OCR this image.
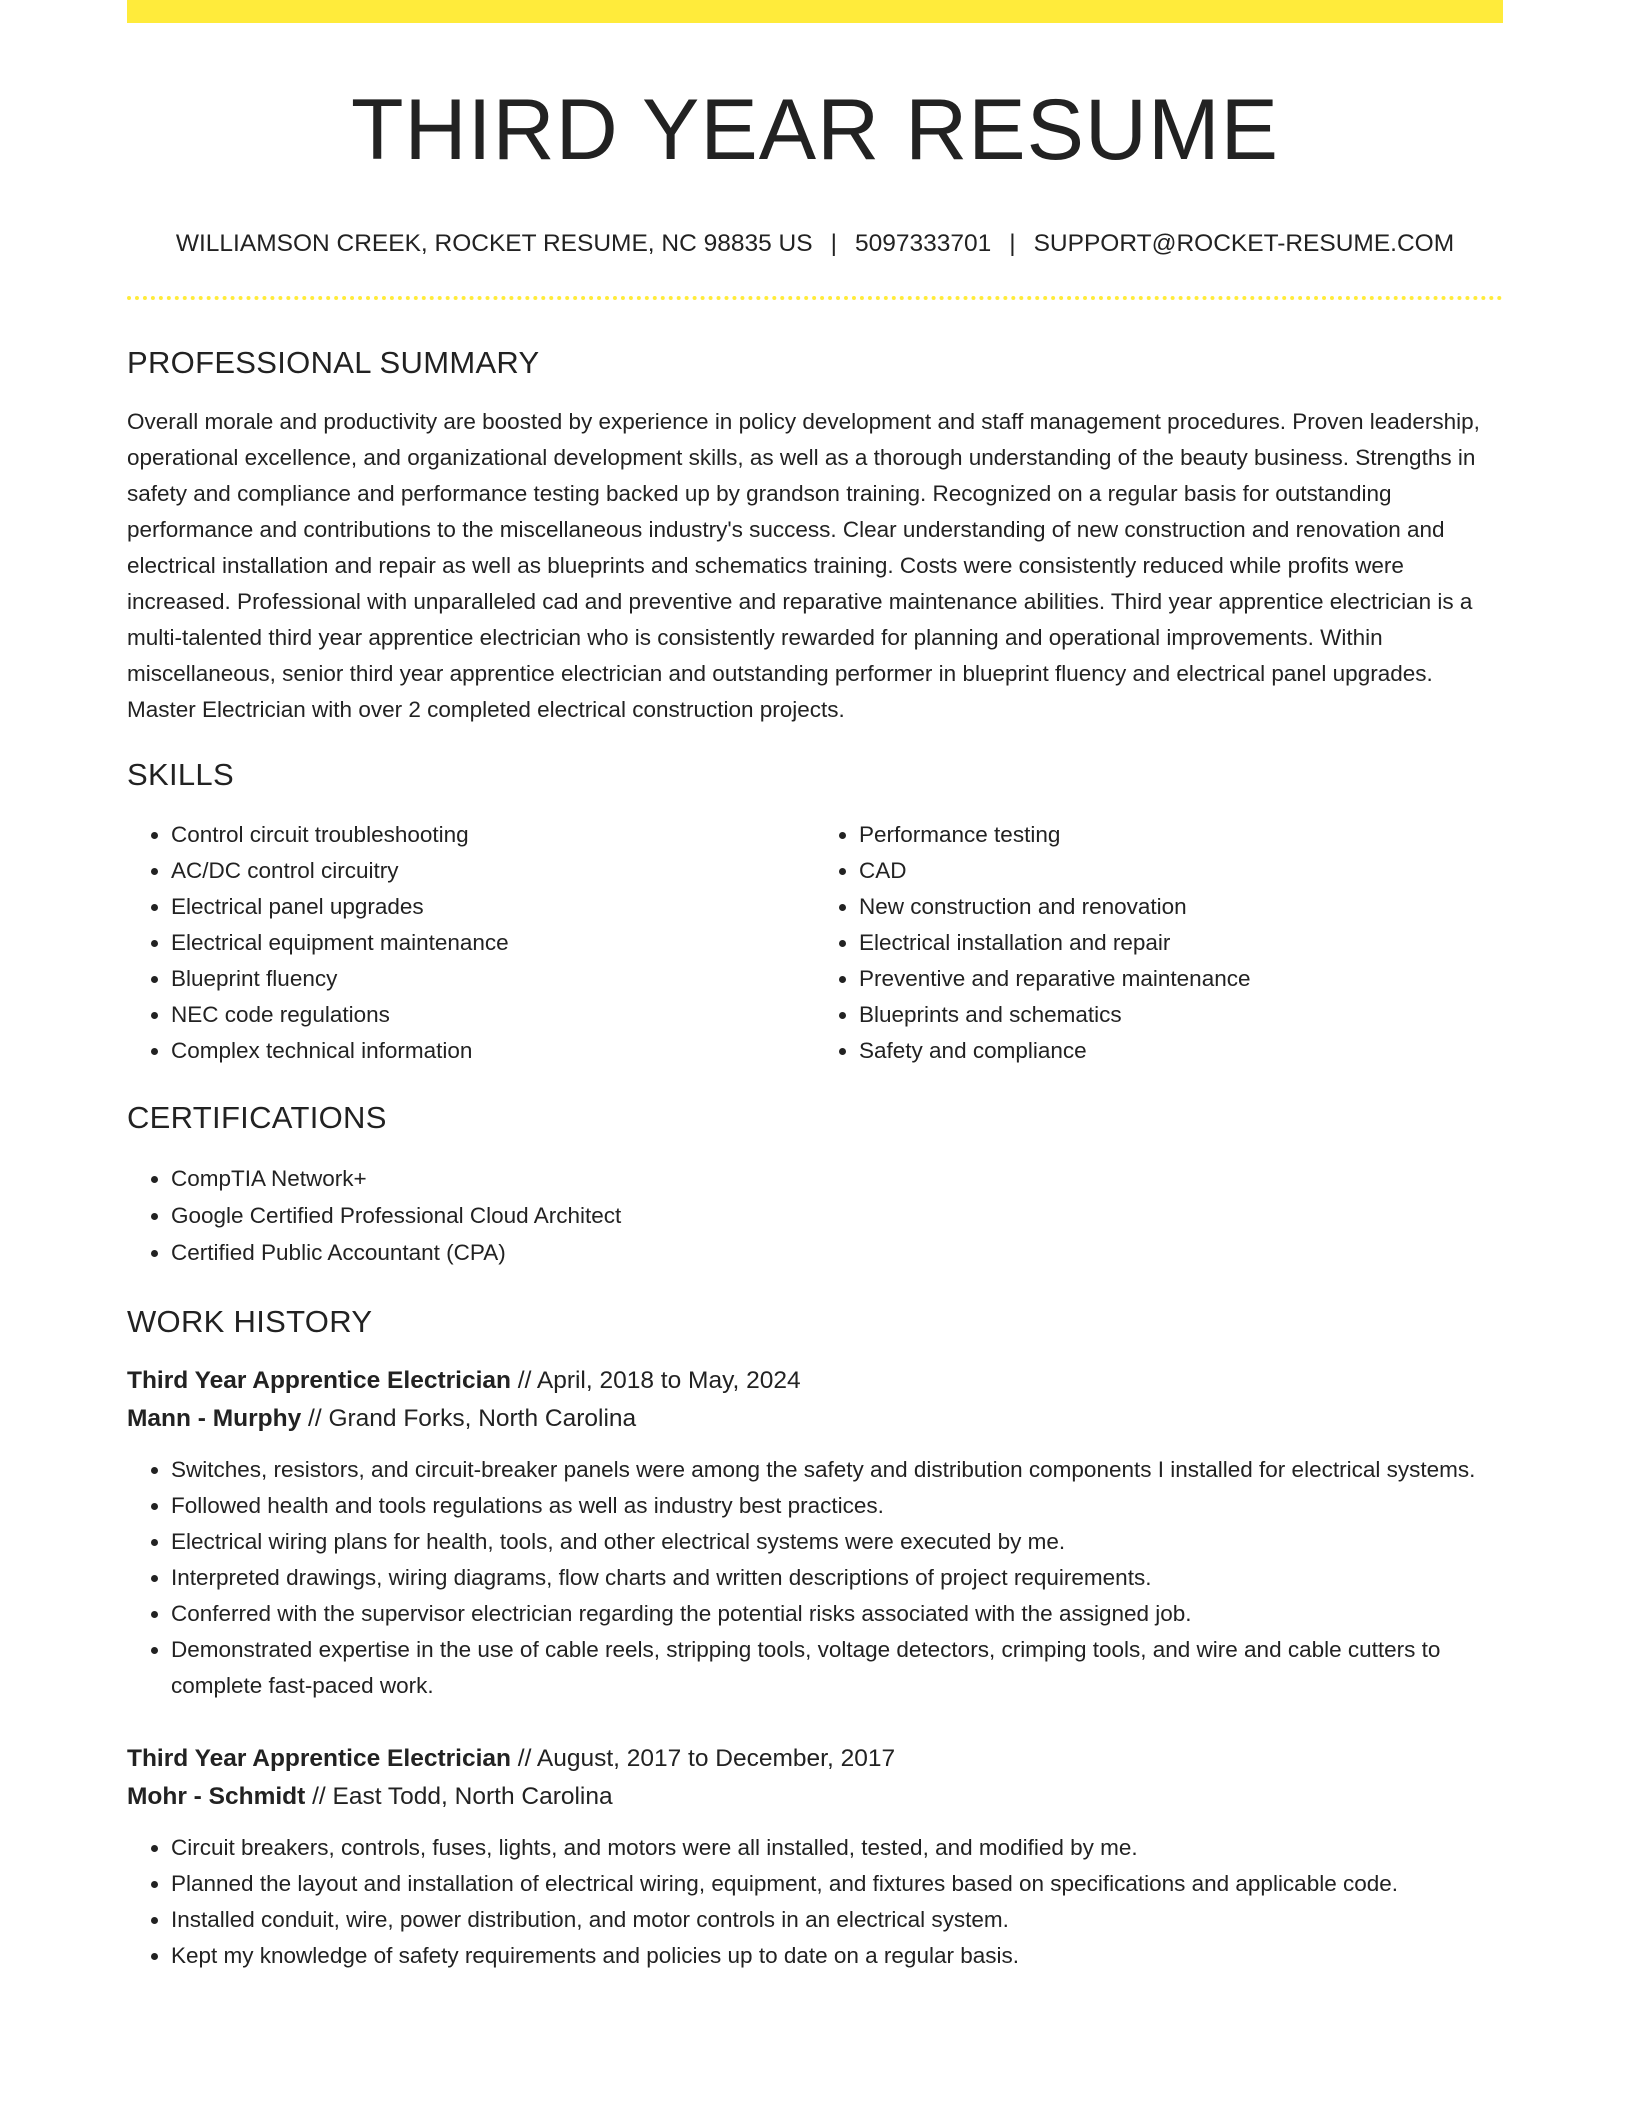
THIRD YEAR RESUME
WILLIAMSON CREEK, ROCKET RESUME, NC 98835 US | 5097333701 | SUPPORT@ROCKET-RESUME.COM
PROFESSIONAL SUMMARY

Overall morale and productivity are boosted by experience in policy development and staff management procedures. Proven leadership, operational excellence, and organizational development skills, as well as a thorough understanding of the beauty business. Strengths in safety and compliance and performance testing backed up by grandson training. Recognized on a regular basis for outstanding performance and contributions to the miscellaneous industry's success. Clear understanding of new construction and renovation and electrical installation and repair as well as blueprints and schematics training. Costs were consistently reduced while profits were increased. Professional with unparalleled cad and preventive and reparative maintenance abilities. Third year apprentice electrician is a multi-talented third year apprentice electrician who is consistently rewarded for planning and operational improvements. Within miscellaneous, senior third year apprentice electrician and outstanding performer in blueprint fluency and electrical panel upgrades. Master Electrician with over 2 completed electrical construction projects.

SKILLS
• Control circuit troubleshooting
• AC/DC control circuitry
• Electrical panel upgrades
• Electrical equipment maintenance
• Blueprint fluency
• NEC code regulations
• Complex technical information
• Performance testing
• CAD
• New construction and renovation
• Electrical installation and repair
• Preventive and reparative maintenance
• Blueprints and schematics
• Safety and compliance
CERTIFICATIONS
• CompTIA Network+
• Google Certified Professional Cloud Architect
• Certified Public Accountant (CPA)
WORK HISTORY
Third Year Apprentice Electrician // April, 2018 to May, 2024
Mann - Murphy // Grand Forks, North Carolina
• Switches, resistors, and circuit-breaker panels were among the safety and distribution components I installed for electrical systems.
• Followed health and tools regulations as well as industry best practices.
• Electrical wiring plans for health, tools, and other electrical systems were executed by me.
• Interpreted drawings, wiring diagrams, flow charts and written descriptions of project requirements.
• Conferred with the supervisor electrician regarding the potential risks associated with the assigned job.
• Demonstrated expertise in the use of cable reels, stripping tools, voltage detectors, crimping tools, and wire and cable cutters to complete fast-paced work.
Third Year Apprentice Electrician // August, 2017 to December, 2017
Mohr - Schmidt // East Todd, North Carolina
• Circuit breakers, controls, fuses, lights, and motors were all installed, tested, and modified by me.
• Planned the layout and installation of electrical wiring, equipment, and fixtures based on specifications and applicable code.
• Installed conduit, wire, power distribution, and motor controls in an electrical system.
• Kept my knowledge of safety requirements and policies up to date on a regular basis.
